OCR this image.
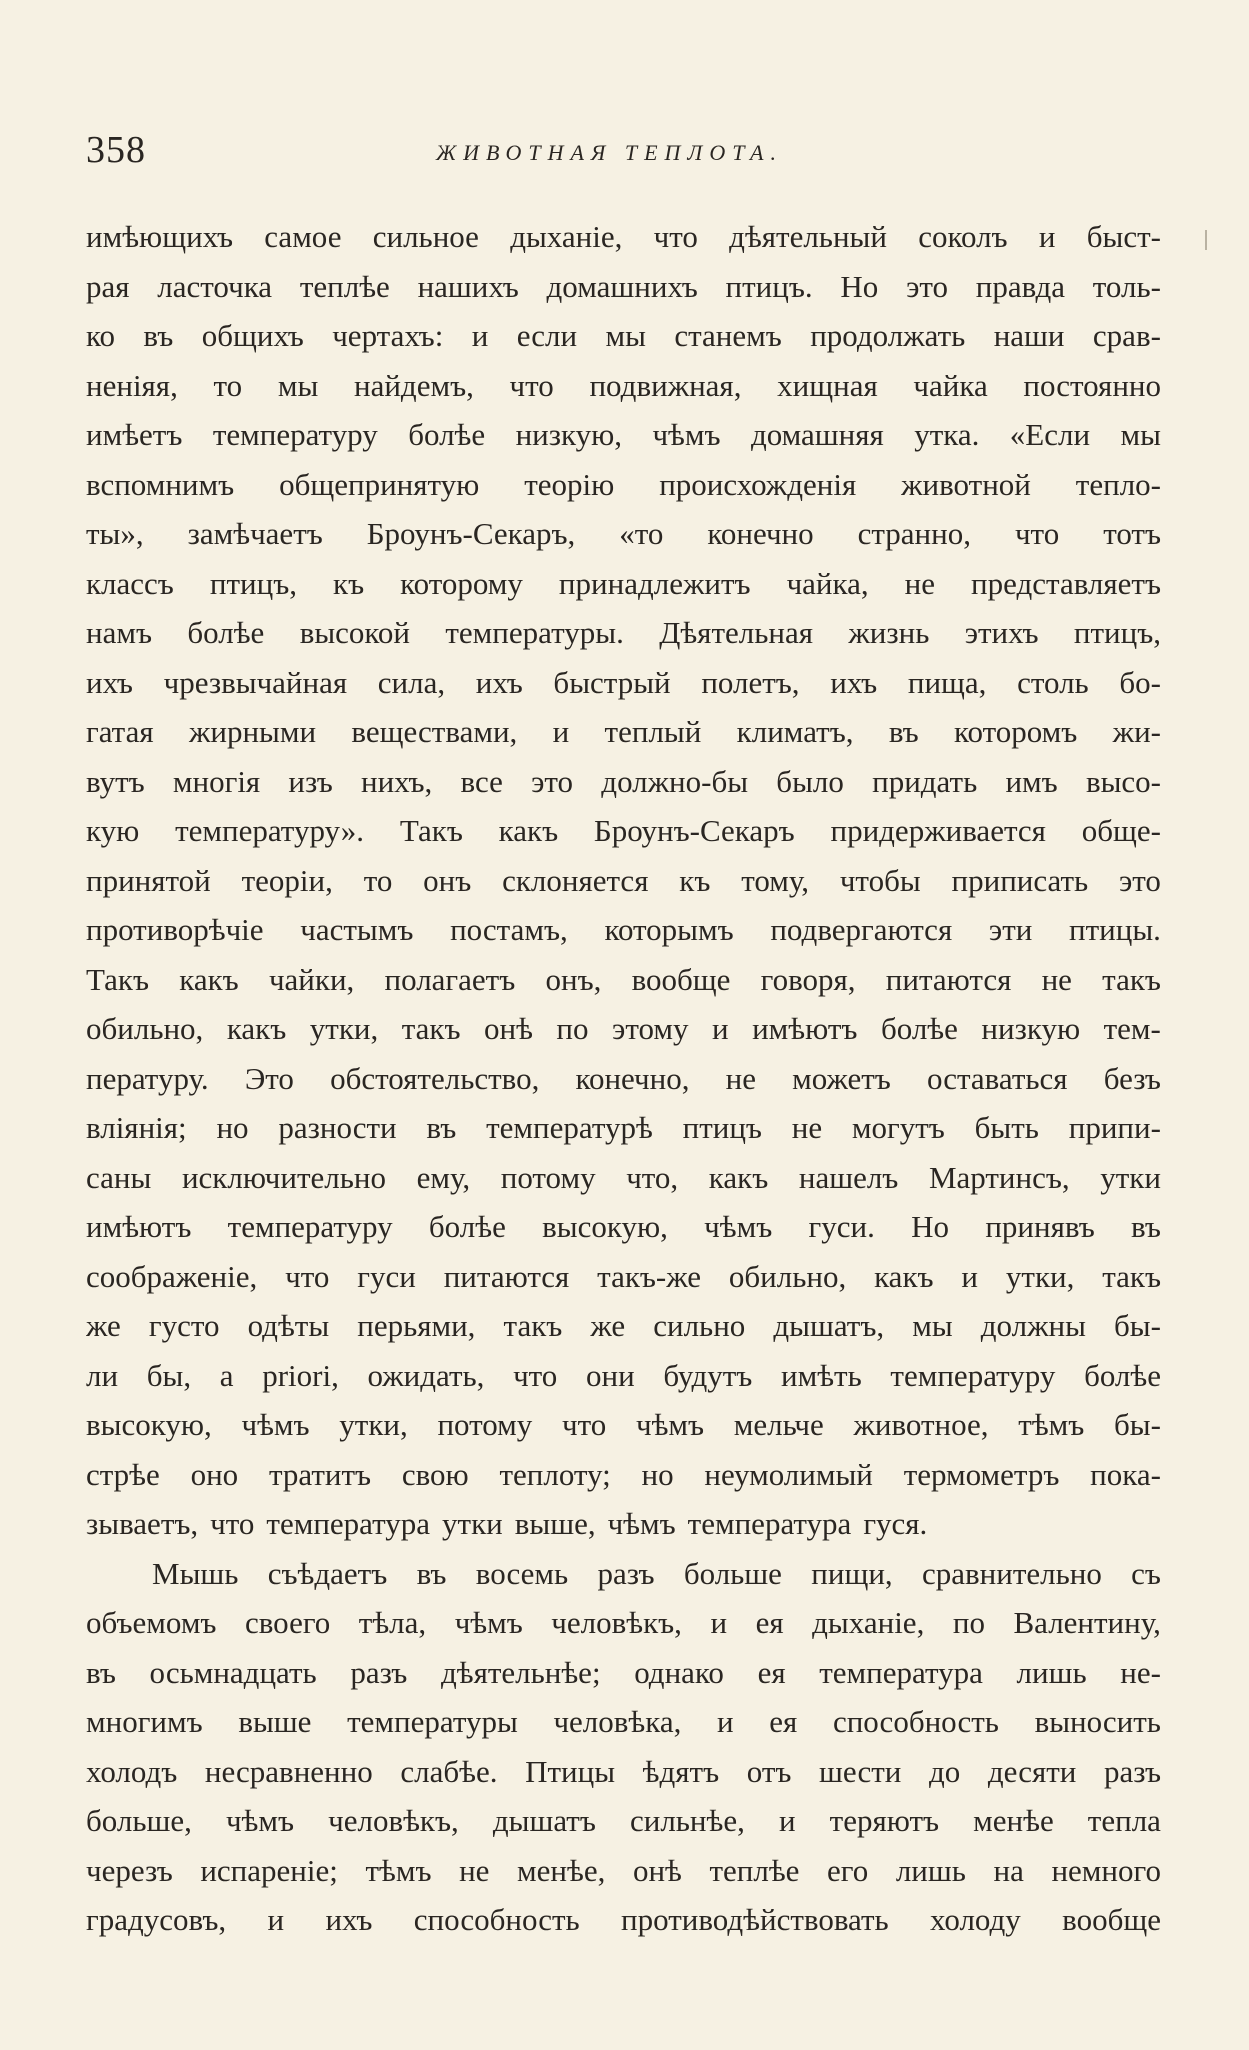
358	ЖИВОТНАЯ ТЕПЛОТА.
имѣющихъ самое сильное дыханіе, что дѣятельный соколъ и быст-
рая ласточка теплѣе нашихъ домашнихъ птицъ. Но это правда толь-
ко въ общихъ чертахъ: и если мы станемъ продолжать наши срав-
неніяя, то мы найдемъ, что подвижная, хищная чайка постоянно
имѣетъ температуру болѣе низкую, чѣмъ домашняя утка. «Если мы
вспомнимъ общепринятую теорію происхожденія животной тепло-
ты», замѣчаетъ Броунъ-Секаръ, «то конечно странно, что тотъ
классъ птицъ, къ которому принадлежитъ чайка, не представляетъ
намъ болѣе высокой температуры. Дѣятельная жизнь этихъ птицъ,
ихъ чрезвычайная сила, ихъ быстрый полетъ, ихъ пища, столь бо-
гатая жирными веществами, и теплый климатъ, въ которомъ жи-
вутъ многія изъ нихъ, все это должно-бы было придать имъ высо-
кую температуру». Такъ какъ Броунъ-Секаръ придерживается обще-
принятой теоріи, то онъ склоняется къ тому, чтобы приписать это
противорѣчіе частымъ постамъ, которымъ подвергаются эти птицы.
Такъ какъ чайки, полагаетъ онъ, вообще говоря, питаются не такъ
обильно, какъ утки, такъ онѣ по этому и имѣютъ болѣе низкую тем-
пературу. Это обстоятельство, конечно, не можетъ оставаться безъ
вліянія; но разности въ температурѣ птицъ не могутъ быть припи-
саны исключительно ему, потому что, какъ нашелъ Мартинсъ, утки
имѣютъ температуру болѣе высокую, чѣмъ гуси. Но принявъ въ
соображеніе, что гуси питаются такъ-же обильно, какъ и утки, такъ
же густо одѣты перьями, такъ же сильно дышатъ, мы должны бы-
ли бы, a priori, ожидать, что они будутъ имѣть температуру болѣе
высокую, чѣмъ утки, потому что чѣмъ мельче животное, тѣмъ бы-
стрѣе оно тратитъ свою теплоту; но неумолимый термометръ пока-
зываетъ, что температура утки выше, чѣмъ температура гуся.
Мышь съѣдаетъ въ восемь разъ больше пищи, сравнительно съ
объемомъ своего тѣла, чѣмъ человѣкъ, и ея дыханіе, по Валентину,
въ осьмнадцать разъ дѣятельнѣе; однако ея температура лишь не-
многимъ выше температуры человѣка, и ея способность выносить
холодъ несравненно слабѣе. Птицы ѣдятъ отъ шести до десяти разъ
больше, чѣмъ человѣкъ, дышатъ сильнѣе, и теряютъ менѣе тепла
черезъ испареніе; тѣмъ не менѣе, онѣ теплѣе его лишь на немного
градусовъ, и ихъ способность противодѣйствовать холоду вообще
